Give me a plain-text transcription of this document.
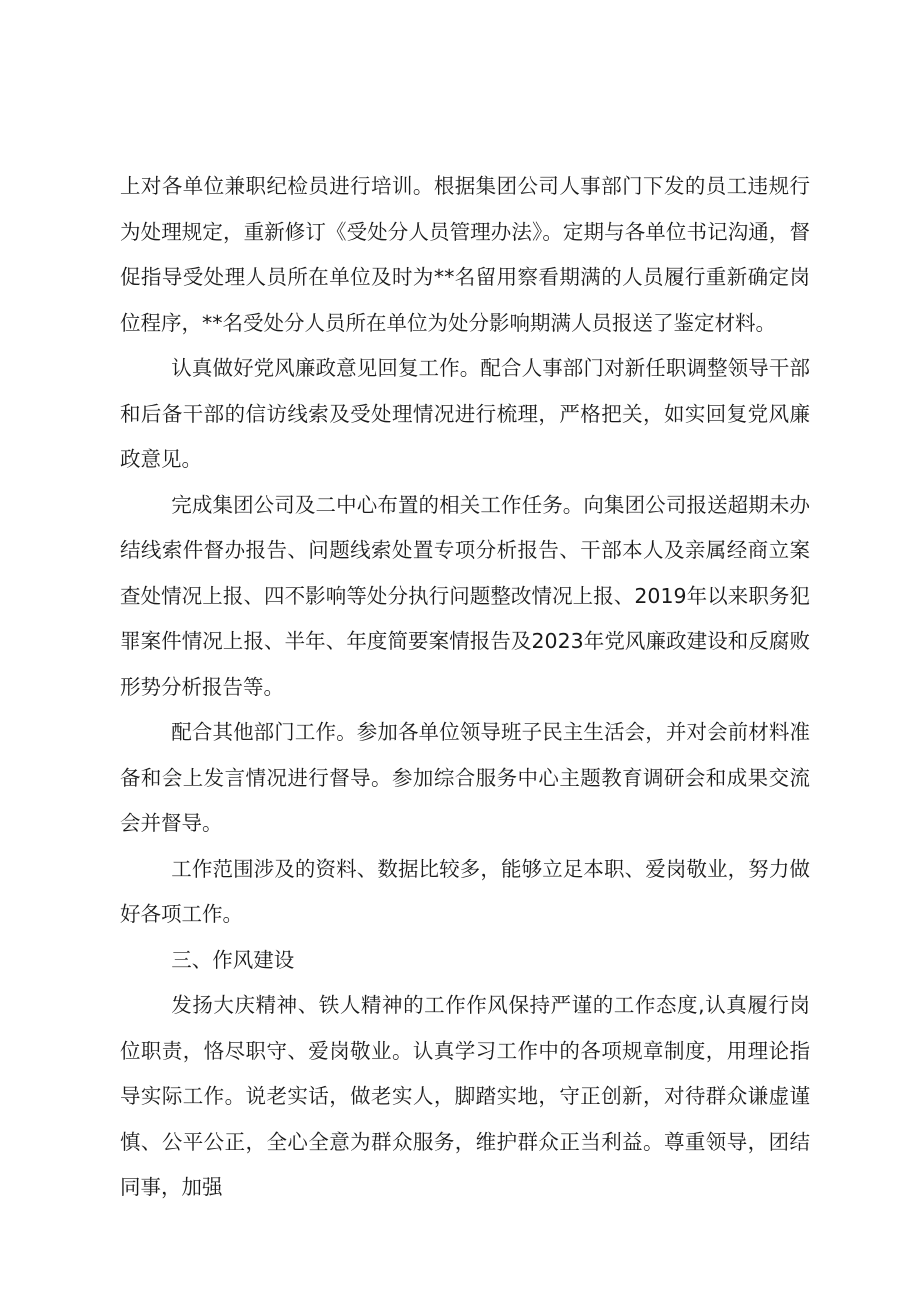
上对各单位兼职纪检员进行培训。根据集团公司人事部门下发的员工违规行为处理规定，重新修订《受处分人员管理办法》。定期与各单位书记沟通，督促指导受处理人员所在单位及时为**名留用察看期满的人员履行重新确定岗位程序，**名受处分人员所在单位为处分影响期满人员报送了鉴定材料。

认真做好党风廉政意见回复工作。配合人事部门对新任职调整领导干部和后备干部的信访线索及受处理情况进行梳理，严格把关，如实回复党风廉政意见。

完成集团公司及二中心布置的相关工作任务。向集团公司报送超期未办结线索件督办报告、问题线索处置专项分析报告、干部本人及亲属经商立案查处情况上报、四不影响等处分执行问题整改情况上报、2019年以来职务犯罪案件情况上报、半年、年度简要案情报告及2023年党风廉政建设和反腐败形势分析报告等。

配合其他部门工作。参加各单位领导班子民主生活会，并对会前材料准备和会上发言情况进行督导。参加综合服务中心主题教育调研会和成果交流会并督导。

工作范围涉及的资料、数据比较多，能够立足本职、爱岗敬业，努力做好各项工作。

三、作风建设

发扬大庆精神、铁人精神的工作作风保持严谨的工作态度,认真履行岗位职责，恪尽职守、爱岗敬业。认真学习工作中的各项规章制度，用理论指导实际工作。说老实话，做老实人，脚踏实地，守正创新，对待群众谦虚谨慎、公平公正，全心全意为群众服务，维护群众正当利益。尊重领导，团结同事，加强
